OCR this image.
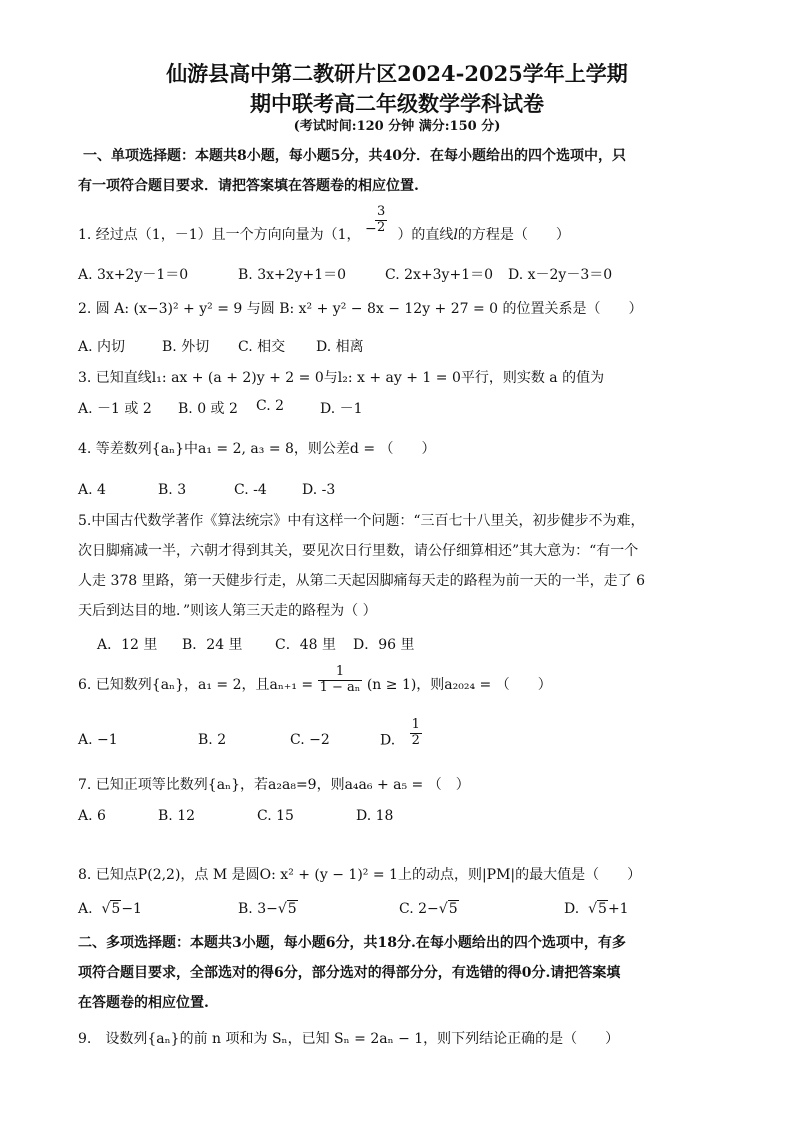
仙游县高中第二教研片区2024-2025学年上学期
期中联考高二年级数学学科试卷
(考试时间:120 分钟 满分:150 分)
一、单项选择题：本题共8小题，每小题5分，共40分．在每小题给出的四个选项中，只
有一项符合题目要求．请把答案填在答题卷的相应位置.
1. 经过点（1，－1）且一个方向向量为（1， −
$\frac{3}{2}$ ）的直线l的方程是（　　）
A. 3x+2y－1＝0	B. 3x+2y+1＝0	C. 2x+3y+1＝0 D. x－2y－3＝0
2. 圆 A: (x−3)² + y² = 9 与圆 B: x² + y² − 8x − 12y + 27 = 0 的位置关系是（　　）
A. 内切	B. 外切 C. 相交 D. 相离
3. 已知直线l₁: ax + (a + 2)y + 2 = 0与l₂: x + ay + 1 = 0平行，则实数 a 的值为
A. －1 或 2 B. 0 或 2 C. 2	D. －1
4. 等差数列{aₙ}中a₁ = 2, a₃ = 8，则公差d = （　　）
A. 4	B. 3	C. -4	D. -3
5.中国古代数学著作《算法统宗》中有这样一个问题：“三百七十八里关，初步健步不为难，
次日脚痛减一半，六朝才得到其关，要见次日行里数，请公仔细算相还”其大意为：“有一个
人走 378 里路，第一天健步行走，从第二天起因脚痛每天走的路程为前一天的一半，走了 6
天后到达目的地．”则该人第三天走的路程为（ ）
A．12 里 B．24 里 C．48 里 D．96 里
6. 已知数列{aₙ}，a₁ = 2，且$a_{n+1} = \frac{1}{\text{1 − aₙ}} (n \ge 1)$，则a₂₀₂₄ = （　　）
A. −1	B. 2	C. −2	D. $\frac{1}{2}$
7. 已知正项等比数列{aₙ}，若a₂a₈=9，则a₄a₆ + a₅ = （　）
A. 6	B. 12	C. 15	D. 18
8. 已知点P(2,2)，点 M 是圆O: x² + (y − 1)² = 1上的动点，则|PM|的最大值是（　　）
A.  √5−1	B. 3−√5	C. 2−√5	D.  √5+1
二、多项选择题：本题共3小题，每小题6分，共18分.在每小题给出的四个选项中，有多
项符合题目要求，全部选对的得6分，部分选对的得部分分，有选错的得0分.请把答案填
在答题卷的相应位置.
9.　设数列{aₙ}的前 n 项和为 Sₙ，已知 Sₙ = 2aₙ − 1，则下列结论正确的是（　　）
